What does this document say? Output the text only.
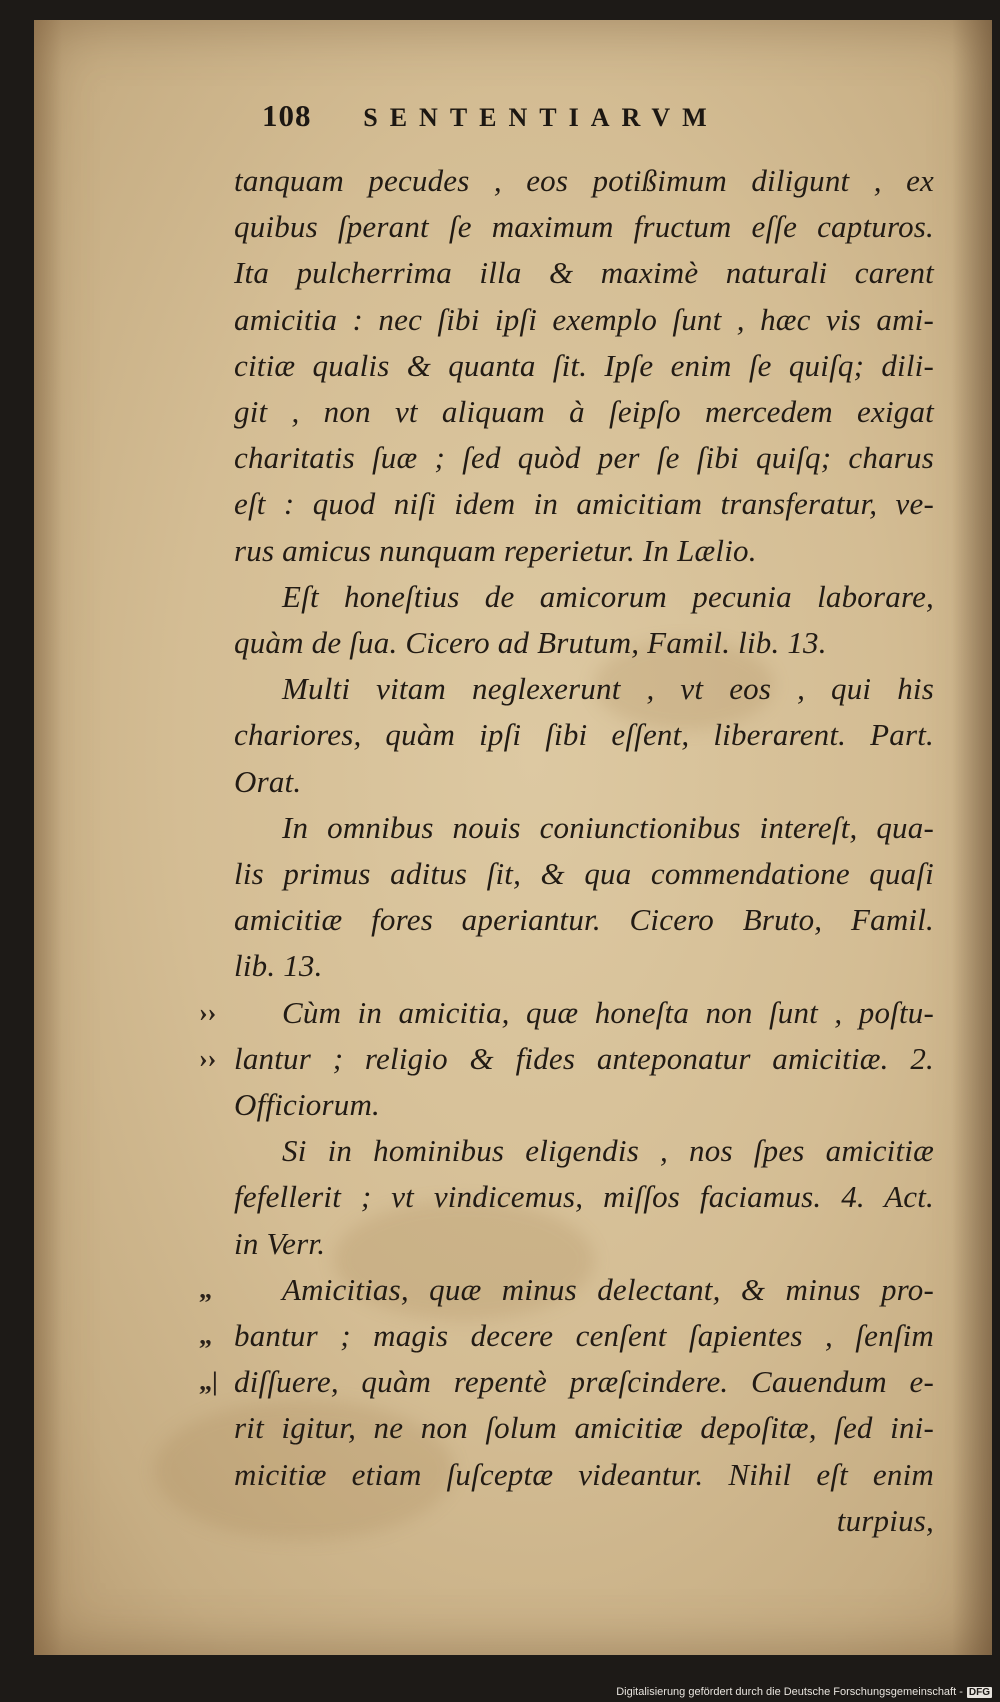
108 SENTENTIARVM
tanquam pecudes , eos potißimum diligunt , ex
quibus ſperant ſe maximum fructum eſſe capturos.
Ita pulcherrima illa & maximè naturali carent
amicitia : nec ſibi ipſi exemplo ſunt , hæc vis ami-
citiæ qualis & quanta ſit. Ipſe enim ſe quiſq; dili-
git , non vt aliquam à ſeipſo mercedem exigat
charitatis ſuæ ; ſed quòd per ſe ſibi quiſq; charus
eſt : quod niſi idem in amicitiam transferatur, ve-
rus amicus nunquam reperietur. In Lælio.
Eſt honeſtius de amicorum pecunia laborare,
quàm de ſua. Cicero ad Brutum, Famil. lib. 13.
Multi vitam neglexerunt , vt eos , qui his
chariores, quàm ipſi ſibi eſſent, liberarent. Part.
Orat.
In omnibus nouis coniunctionibus intereſt, qua-
lis primus aditus ſit, & qua commendatione quaſi
amicitiæ fores aperiantur. Cicero Bruto, Famil.
lib. 13.
Cùm in amicitia, quæ honeſta non ſunt , poſtu-
lantur ; religio & fides anteponatur amicitiæ. 2.
Officiorum.
Si in hominibus eligendis , nos ſpes amicitiæ
fefellerit ; vt vindicemus, miſſos faciamus. 4. Act.
in Verr.
Amicitias, quæ minus delectant, & minus pro-
bantur ; magis decere cenſent ſapientes , ſenſim
diſſuere, quàm repentè præſcindere. Cauendum e-
rit igitur, ne non ſolum amicitiæ depoſitæ, ſed ini-
micitiæ etiam ſuſceptæ videantur. Nihil eſt enim
turpius,
››
››
„
„
„|
Digitalisierung gefördert durch die Deutsche Forschungsgemeinschaft - DFG
